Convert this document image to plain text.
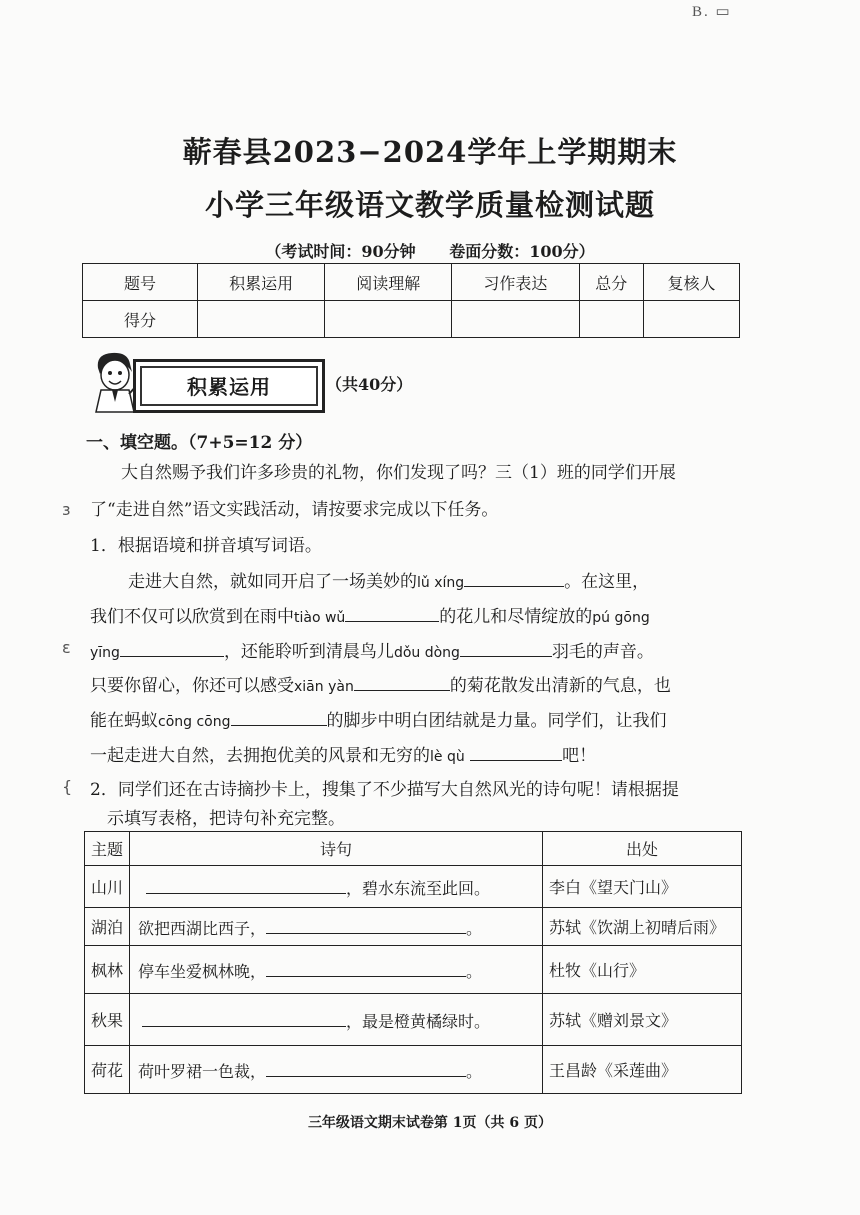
B. ▭
蕲春县2023−2024学年上学期期末
小学三年级语文教学质量检测试题
（考试时间：90分钟 卷面分数：100分）
题号	积累运用	阅读理解	习作表达	总分	复核人
得分					
积累运用	（共40分）
一、填空题。（7+5=12 分）
大自然赐予我们许多珍贵的礼物，你们发现了吗？三（1）班的同学们开展
了“走进自然”语文实践活动，请按要求完成以下任务。
1．根据语境和拼音填写词语。
走进大自然，就如同开启了一场美妙的lǔ xíng	。在这里，
我们不仅可以欣赏到在雨中tiào wǔ	的花儿和尽情绽放的pú gōng
yīng	，还能聆听到清晨鸟儿dǒu dòng	羽毛的声音。
只要你留心，你还可以感受xiān yàn	的菊花散发出清新的气息，也
能在蚂蚁cōng cōng	的脚步中明白团结就是力量。同学们，让我们
一起走进大自然，去拥抱优美的风景和无穷的lè qù	吧！
2．同学们还在古诗摘抄卡上，搜集了不少描写大自然风光的诗句呢！请根据提
示填写表格，把诗句补充完整。
主题	诗句	出处
山川	，碧水东流至此回。	李白《望天门山》
湖泊	欲把西湖比西子， 。	苏轼《饮湖上初晴后雨》
枫林	停车坐爱枫林晚， 。	杜牧《山行》
秋果	，最是橙黄橘绿时。	苏轼《赠刘景文》
荷花	荷叶罗裙一色裁， 。	王昌龄《采莲曲》
三年级语文期末试卷第 1页（共 6 页）
ɜ
ɛ
{
